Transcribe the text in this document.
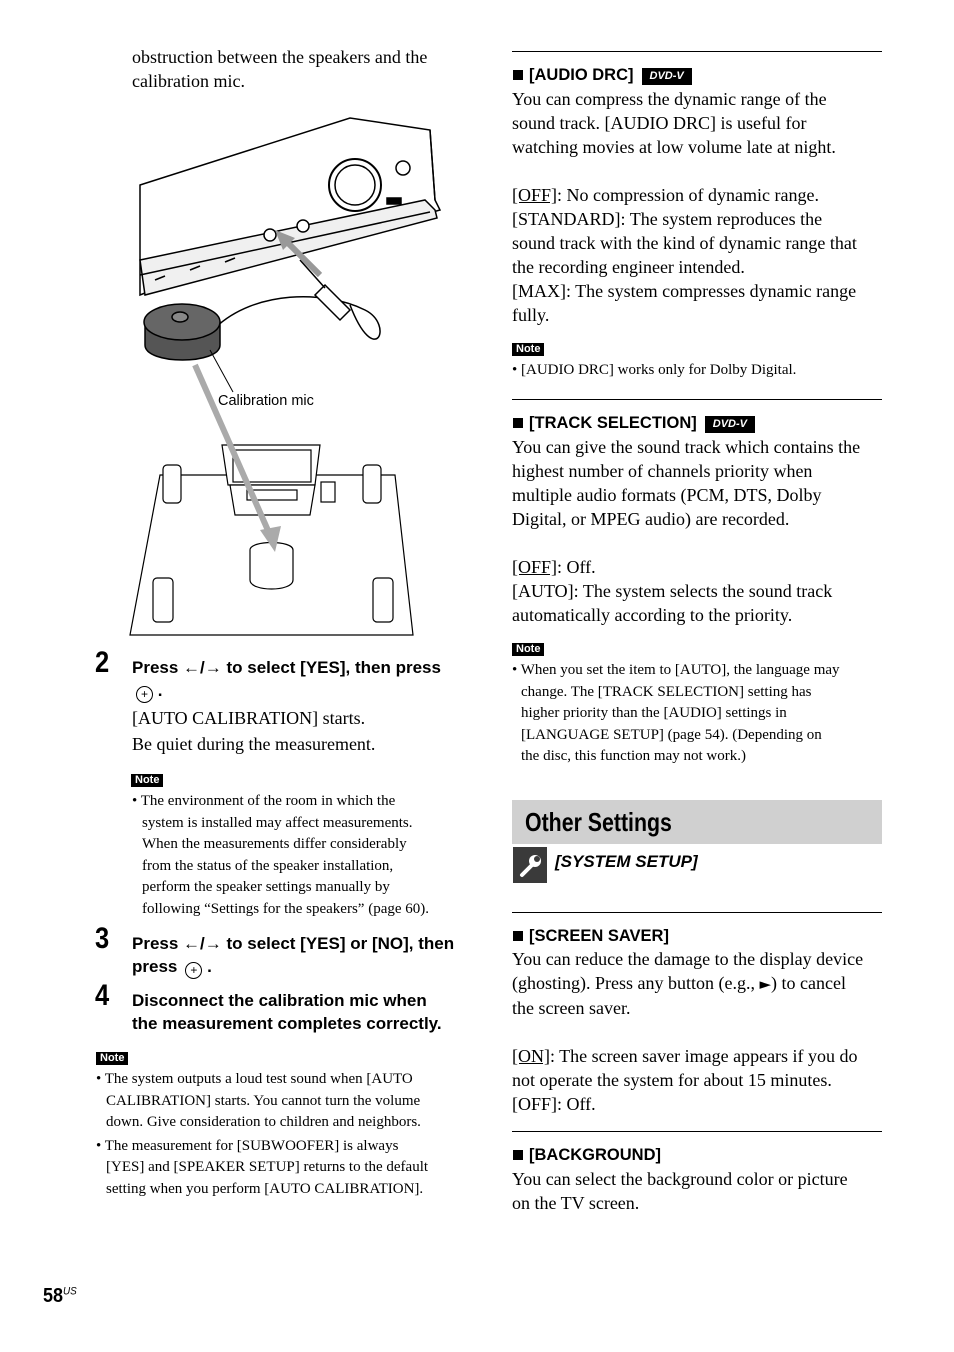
obstruction between the speakers and the
calibration mic.
Calibration mic
2 Press ←/→ to select [YES], then press
+ .
[AUTO CALIBRATION] starts.
Be quiet during the measurement.
Note
• The environment of the room in which the
system is installed may affect measurements.
When the measurements differ considerably
from the status of the speaker installation,
perform the speaker settings manually by
following “Settings for the speakers” (page 60).
3 Press ←/→ to select [YES] or [NO], then
press + .
4 Disconnect the calibration mic when
the measurement completes correctly.
Note
• The system outputs a loud test sound when [AUTO
CALIBRATION] starts. You cannot turn the volume
down. Give consideration to children and neighbors.
• The measurement for [SUBWOOFER] is always
[YES] and [SPEAKER SETUP] returns to the default
setting when you perform [AUTO CALIBRATION].
[AUDIO DRC] DVD-V
You can compress the dynamic range of the
sound track. [AUDIO DRC] is useful for
watching movies at low volume late at night.
[OFF]: No compression of dynamic range.
[STANDARD]: The system reproduces the
sound track with the kind of dynamic range that
the recording engineer intended.
[MAX]: The system compresses dynamic range
fully.
Note
• [AUDIO DRC] works only for Dolby Digital.
[TRACK SELECTION] DVD-V
You can give the sound track which contains the
highest number of channels priority when
multiple audio formats (PCM, DTS, Dolby
Digital, or MPEG audio) are recorded.
[OFF]: Off.
[AUTO]: The system selects the sound track
automatically according to the priority.
Note
• When you set the item to [AUTO], the language may
change. The [TRACK SELECTION] setting has
higher priority than the [AUDIO] settings in
[LANGUAGE SETUP] (page 54). (Depending on
the disc, this function may not work.)
Other Settings
[SYSTEM SETUP]
[SCREEN SAVER]
You can reduce the damage to the display device
(ghosting). Press any button (e.g., ►) to cancel
the screen saver.
[ON]: The screen saver image appears if you do
not operate the system for about 15 minutes.
[OFF]: Off.
[BACKGROUND]
You can select the background color or picture
on the TV screen.
$58^{US}$
